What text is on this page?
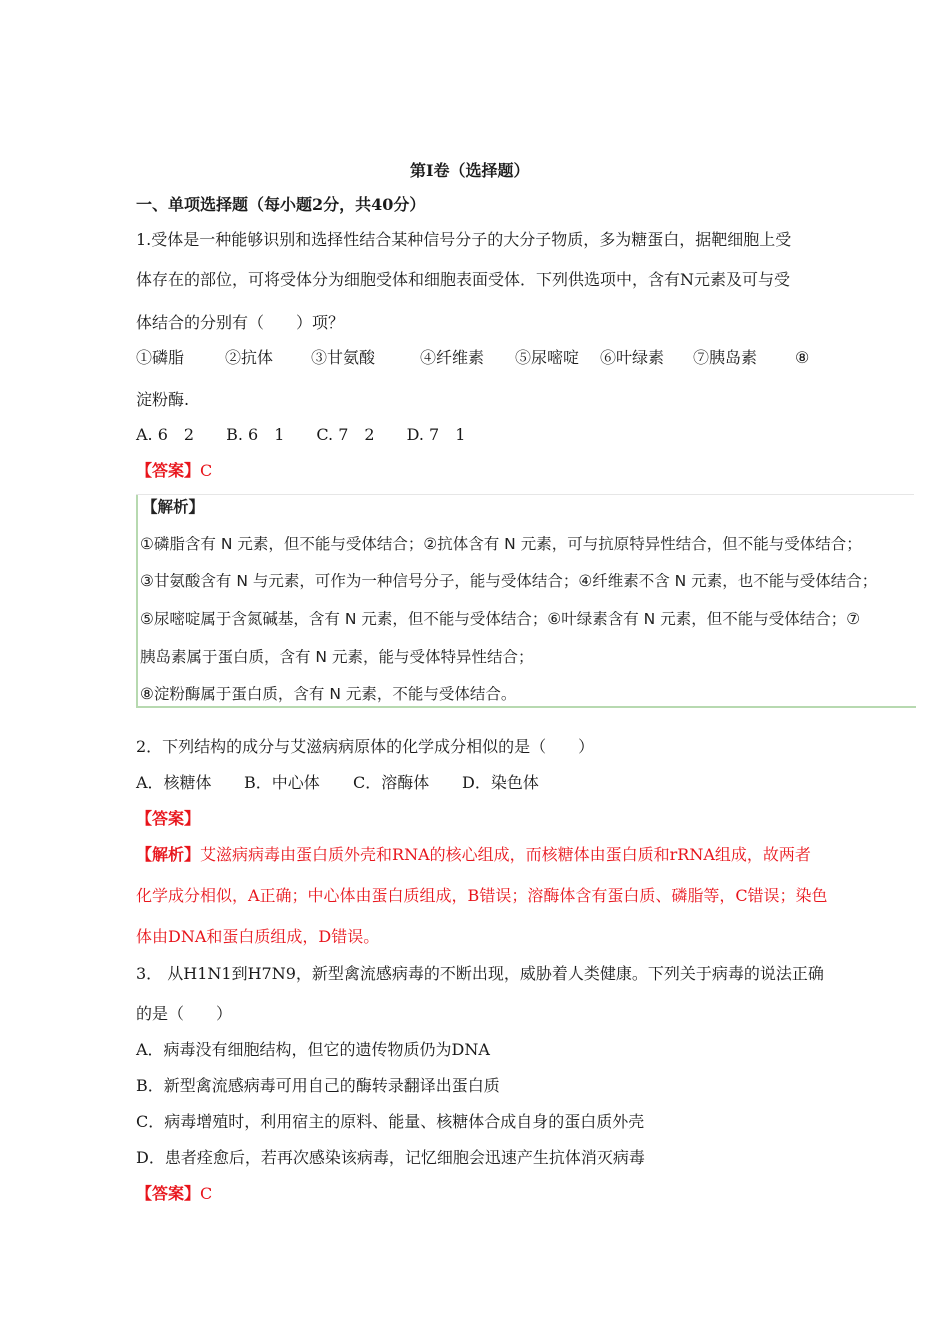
第Ⅰ卷（选择题）
一、单项选择题（每小题2分，共40分）
1.受体是一种能够识别和选择性结合某种信号分子的大分子物质，多为糖蛋白，据靶细胞上受
体存在的部位，可将受体分为细胞受体和细胞表面受体．下列供选项中，含有N元素及可与受
体结合的分别有（　　）项？
①磷脂	②抗体 ③甘氨酸	④纤维素 ⑤尿嘧啶 ⑥叶绿素 ⑦胰岛素 ⑧
淀粉酶.
A. 6　2　　B. 6　1　　C. 7　2　　D. 7　1
【答案】C
【解析】
①磷脂含有 N 元素，但不能与受体结合；②抗体含有 N 元素，可与抗原特异性结合，但不能与受体结合；
③甘氨酸含有 N 与元素，可作为一种信号分子，能与受体结合；④纤维素不含 N 元素，也不能与受体结合；
⑤尿嘧啶属于含氮碱基，含有 N 元素，但不能与受体结合；⑥叶绿素含有 N 元素，但不能与受体结合；⑦
胰岛素属于蛋白质，含有 N 元素，能与受体特异性结合；
⑧淀粉酶属于蛋白质，含有 N 元素，不能与受体结合。
2．下列结构的成分与艾滋病病原体的化学成分相似的是（　　）
A．核糖体 B．中心体 C．溶酶体 D．染色体
【答案】
【解析】艾滋病病毒由蛋白质外壳和RNA的核心组成，而核糖体由蛋白质和rRNA组成，故两者
化学成分相似，A正确；中心体由蛋白质组成，B错误；溶酶体含有蛋白质、磷脂等，C错误；染色
体由DNA和蛋白质组成，D错误。
3． 从H1N1到H7N9，新型禽流感病毒的不断出现，威胁着人类健康。下列关于病毒的说法正确
的是（　　）
A．病毒没有细胞结构，但它的遗传物质仍为DNA
B．新型禽流感病毒可用自己的酶转录翻译出蛋白质
C．病毒增殖时，利用宿主的原料、能量、核糖体合成自身的蛋白质外壳
D．患者痊愈后，若再次感染该病毒，记忆细胞会迅速产生抗体消灭病毒
【答案】C
